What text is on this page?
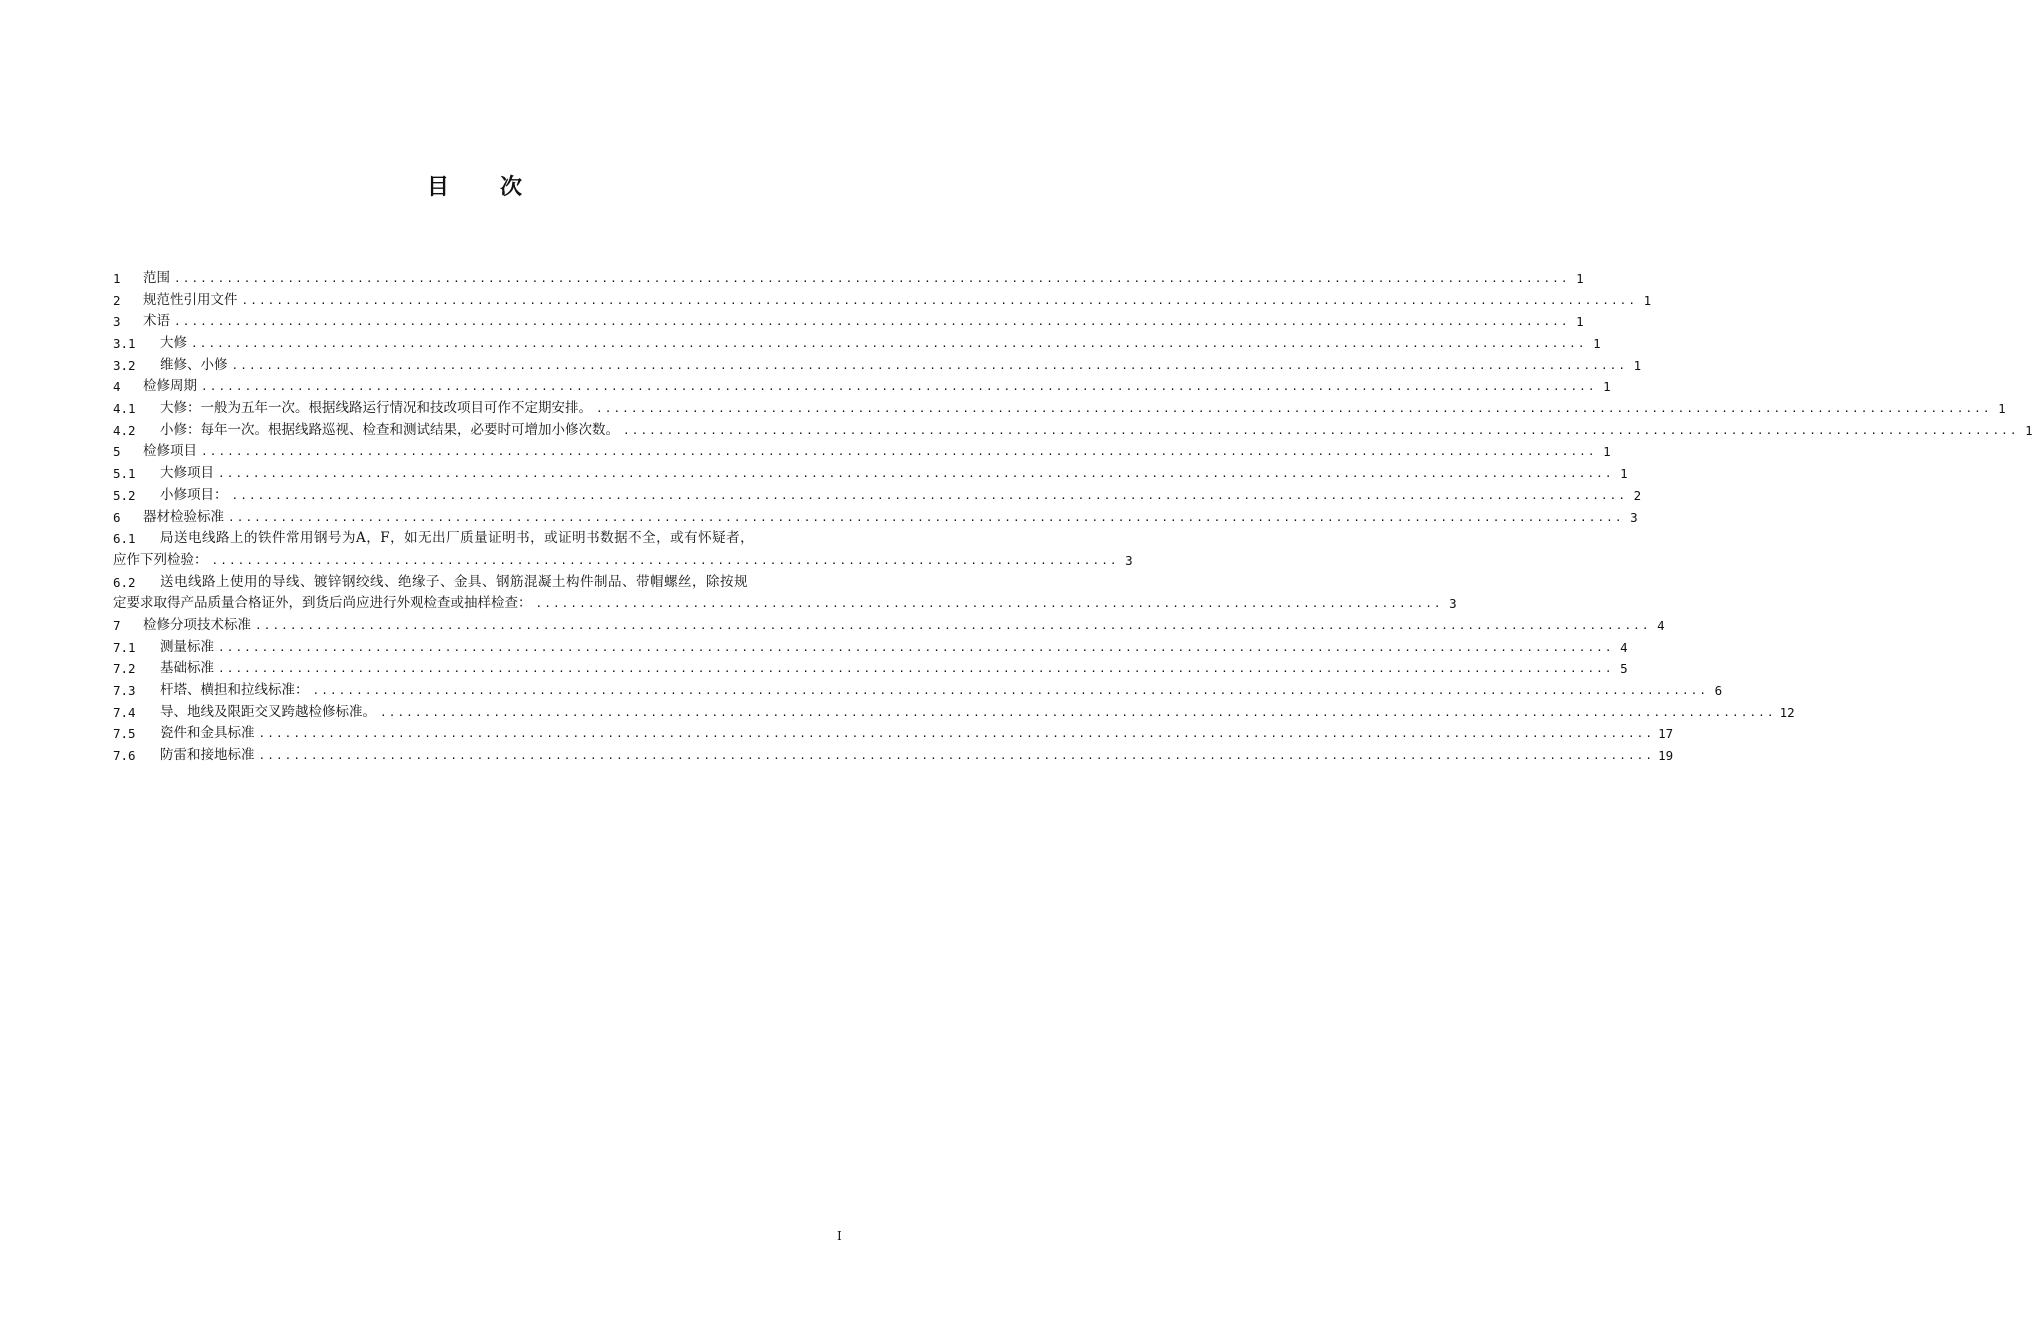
目 次
1	范围 ................................................................................................................................................................ 1
2	规范性引用文件 ................................................................................................................................................................ 1
3	术语 ................................................................................................................................................................ 1
3.1	大修 ................................................................................................................................................................ 1
3.2	维修、小修 ................................................................................................................................................................ 1
4	检修周期 ................................................................................................................................................................ 1
4.1	大修：一般为五年一次。根据线路运行情况和技改项目可作不定期安排。 ................................................................................................................................................................ 1
4.2	小修：每年一次。根据线路巡视、检查和测试结果，必要时可增加小修次数。 ................................................................................................................................................................ 1
5	检修项目 ................................................................................................................................................................ 1
5.1	大修项目 ................................................................................................................................................................ 1
5.2	小修项目： ................................................................................................................................................................ 2
6	器材检验标准 ................................................................................................................................................................ 3
6.1	局送电线路上的铁件常用钢号为A，F，如无出厂质量证明书，或证明书数据不全，或有怀疑者，
应作下列检验： ........................................................................................................ 3
6.2	送电线路上使用的导线、镀锌钢绞线、绝缘子、金具、钢筋混凝土构件制品、带帽螺丝，除按规
定要求取得产品质量合格证外，到货后尚应进行外观检查或抽样检查： ........................................................................................................ 3
7	检修分项技术标准 ................................................................................................................................................................ 4
7.1	测量标准 ................................................................................................................................................................ 4
7.2	基础标准 ................................................................................................................................................................ 5
7.3	杆塔、横担和拉线标准： ................................................................................................................................................................ 6
7.4	导、地线及限距交叉跨越检修标准。 ................................................................................................................................................................ 12
7.5	瓷件和金具标准 ................................................................................................................................................................ 17
7.6	防雷和接地标准 ................................................................................................................................................................ 19
I
